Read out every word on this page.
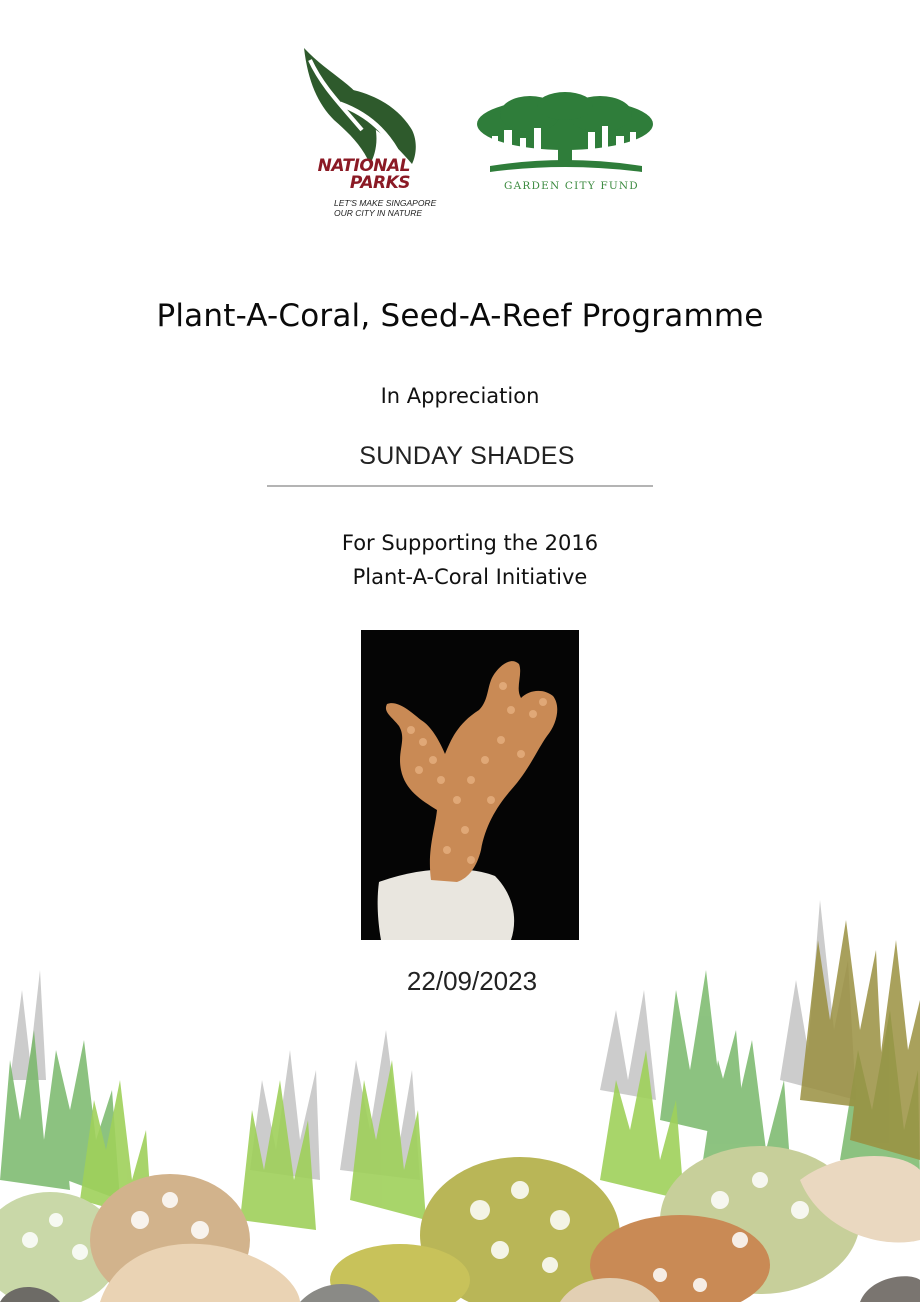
NATIONAL
PARKS
LET'S MAKE SINGAPORE
OUR CITY IN NATURE
GARDEN CITY FUND
Plant-A-Coral, Seed-A-Reef Programme
In Appreciation
SUNDAY SHADES
For Supporting the 2016
Plant-A-Coral Initiative
22/09/2023
